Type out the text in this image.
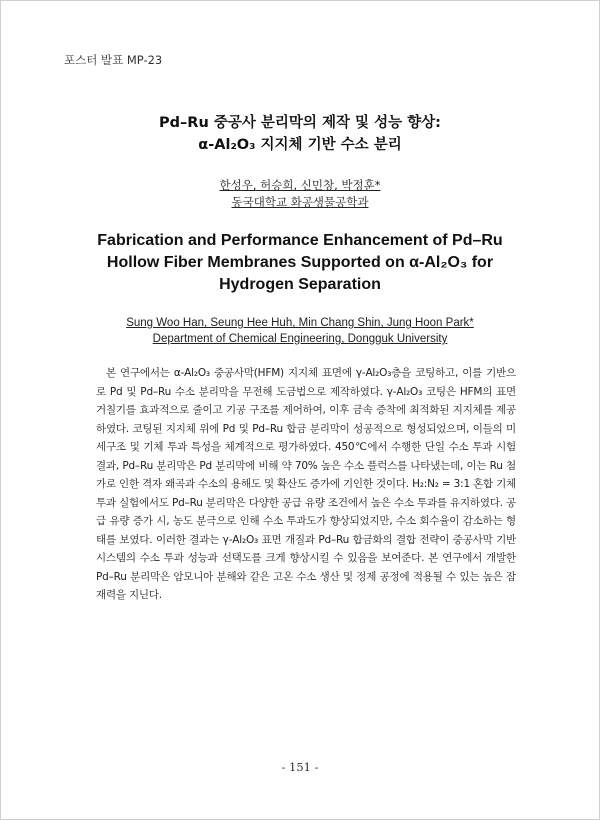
포스터 발표 MP-23
Pd–Ru 중공사 분리막의 제작 및 성능 향상:
α-Al₂O₃ 지지체 기반 수소 분리
한성우, 허승희, 신민창, 박정훈*
동국대학교 화공생물공학과
Fabrication and Performance Enhancement of Pd–Ru
Hollow Fiber Membranes Supported on α-Al₂O₃ for
Hydrogen Separation
Sung Woo Han, Seung Hee Huh, Min Chang Shin, Jung Hoon Park*
Department of Chemical Engineering, Dongguk University
본 연구에서는 α-Al₂O₃ 중공사막(HFM) 지지체 표면에 γ-Al₂O₃층을 코팅하고, 이를 기반으로 Pd 및 Pd–Ru 수소 분리막을 무전해 도금법으로 제작하였다. γ-Al₂O₃ 코팅은 HFM의 표면 거칠기를 효과적으로 줄이고 기공 구조를 제어하여, 이후 금속 증착에 최적화된 지지체를 제공하였다. 코팅된 지지체 위에 Pd 및 Pd–Ru 합금 분리막이 성공적으로 형성되었으며, 이들의 미세구조 및 기체 투과 특성을 체계적으로 평가하였다. 450℃에서 수행한 단일 수소 투과 시험 결과, Pd–Ru 분리막은 Pd 분리막에 비해 약 70% 높은 수소 플럭스를 나타냈는데, 이는 Ru 첨가로 인한 격자 왜곡과 수소의 용해도 및 확산도 증가에 기인한 것이다. H₂:N₂ = 3:1 혼합 기체 투과 실험에서도 Pd–Ru 분리막은 다양한 공급 유량 조건에서 높은 수소 투과를 유지하였다. 공급 유량 증가 시, 농도 분극으로 인해 수소 투과도가 향상되었지만, 수소 회수율이 감소하는 형태를 보였다. 이러한 결과는 γ-Al₂O₃ 표면 개질과 Pd–Ru 합금화의 결합 전략이 중공사막 기반 시스템의 수소 투과 성능과 선택도를 크게 향상시킬 수 있음을 보여준다. 본 연구에서 개발한 Pd–Ru 분리막은 암모니아 분해와 같은 고온 수소 생산 및 정제 공정에 적용될 수 있는 높은 잠재력을 지닌다.
- 151 -
